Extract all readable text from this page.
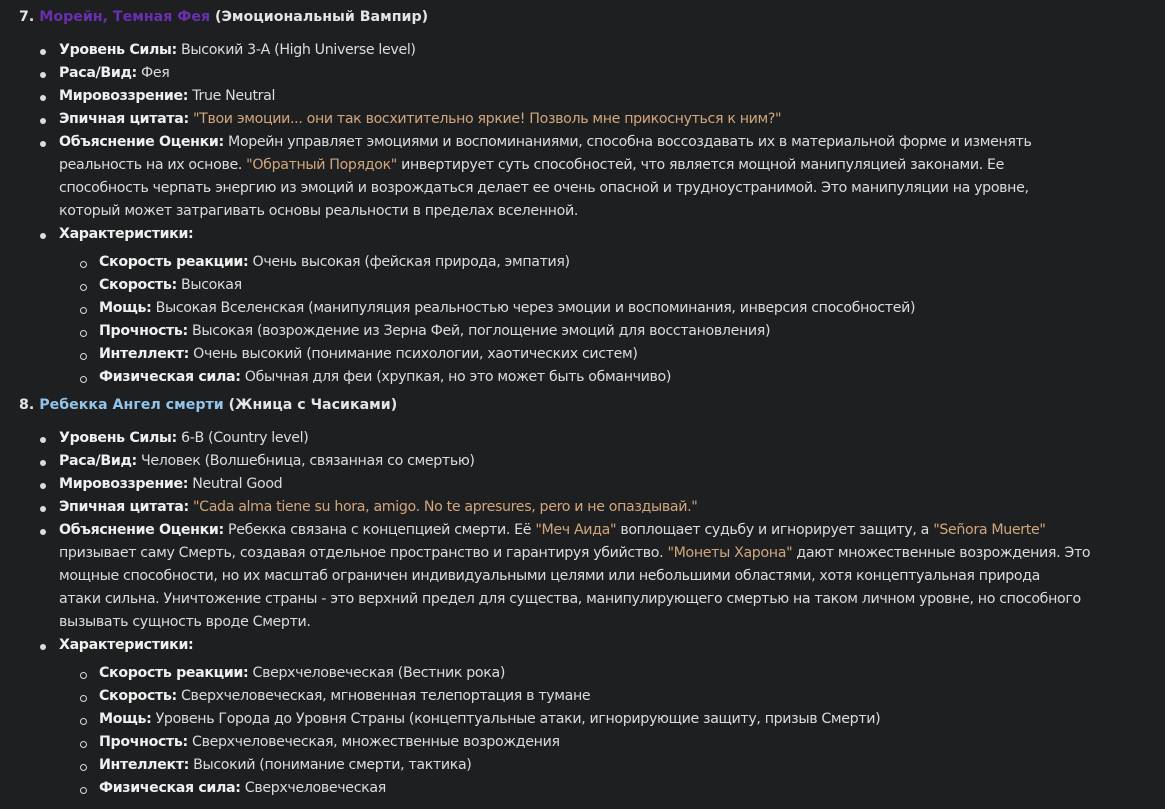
7. Морейн, Темная Фея (Эмоциональный Вампир)
Уровень Силы: Высокий 3-A (High Universe level)
Раса/Вид: Фея
Мировоззрение: True Neutral
Эпичная цитата: "Твои эмоции... они так восхитительно яркие! Позволь мне прикоснуться к ним?"
Объяснение Оценки: Морейн управляет эмоциями и воспоминаниями, способна воссоздавать их в материальной форме и изменять
реальность на их основе. "Обратный Порядок" инвертирует суть способностей, что является мощной манипуляцией законами. Ее
способность черпать энергию из эмоций и возрождаться делает ее очень опасной и трудноустранимой. Это манипуляции на уровне,
который может затрагивать основы реальности в пределах вселенной.
Характеристики:
Скорость реакции: Очень высокая (фейская природа, эмпатия)
Скорость: Высокая
Мощь: Высокая Вселенская (манипуляция реальностью через эмоции и воспоминания, инверсия способностей)
Прочность: Высокая (возрождение из Зерна Фей, поглощение эмоций для восстановления)
Интеллект: Очень высокий (понимание психологии, хаотических систем)
Физическая сила: Обычная для феи (хрупкая, но это может быть обманчиво)
8. Ребекка Ангел смерти (Жница с Часиками)
Уровень Силы: 6-B (Country level)
Раса/Вид: Человек (Волшебница, связанная со смертью)
Мировоззрение: Neutral Good
Эпичная цитата: "Cada alma tiene su hora, amigo. No te apresures, pero и не опаздывай."
Объяснение Оценки: Ребекка связана с концепцией смерти. Её "Меч Аида" воплощает судьбу и игнорирует защиту, а "Señora Muerte"
призывает саму Смерть, создавая отдельное пространство и гарантируя убийство. "Монеты Харона" дают множественные возрождения. Это
мощные способности, но их масштаб ограничен индивидуальными целями или небольшими областями, хотя концептуальная природа
атаки сильна. Уничтожение страны - это верхний предел для существа, манипулирующего смертью на таком личном уровне, но способного
вызывать сущность вроде Смерти.
Характеристики:
Скорость реакции: Сверхчеловеческая (Вестник рока)
Скорость: Сверхчеловеческая, мгновенная телепортация в тумане
Мощь: Уровень Города до Уровня Страны (концептуальные атаки, игнорирующие защиту, призыв Смерти)
Прочность: Сверхчеловеческая, множественные возрождения
Интеллект: Высокий (понимание смерти, тактика)
Физическая сила: Сверхчеловеческая
